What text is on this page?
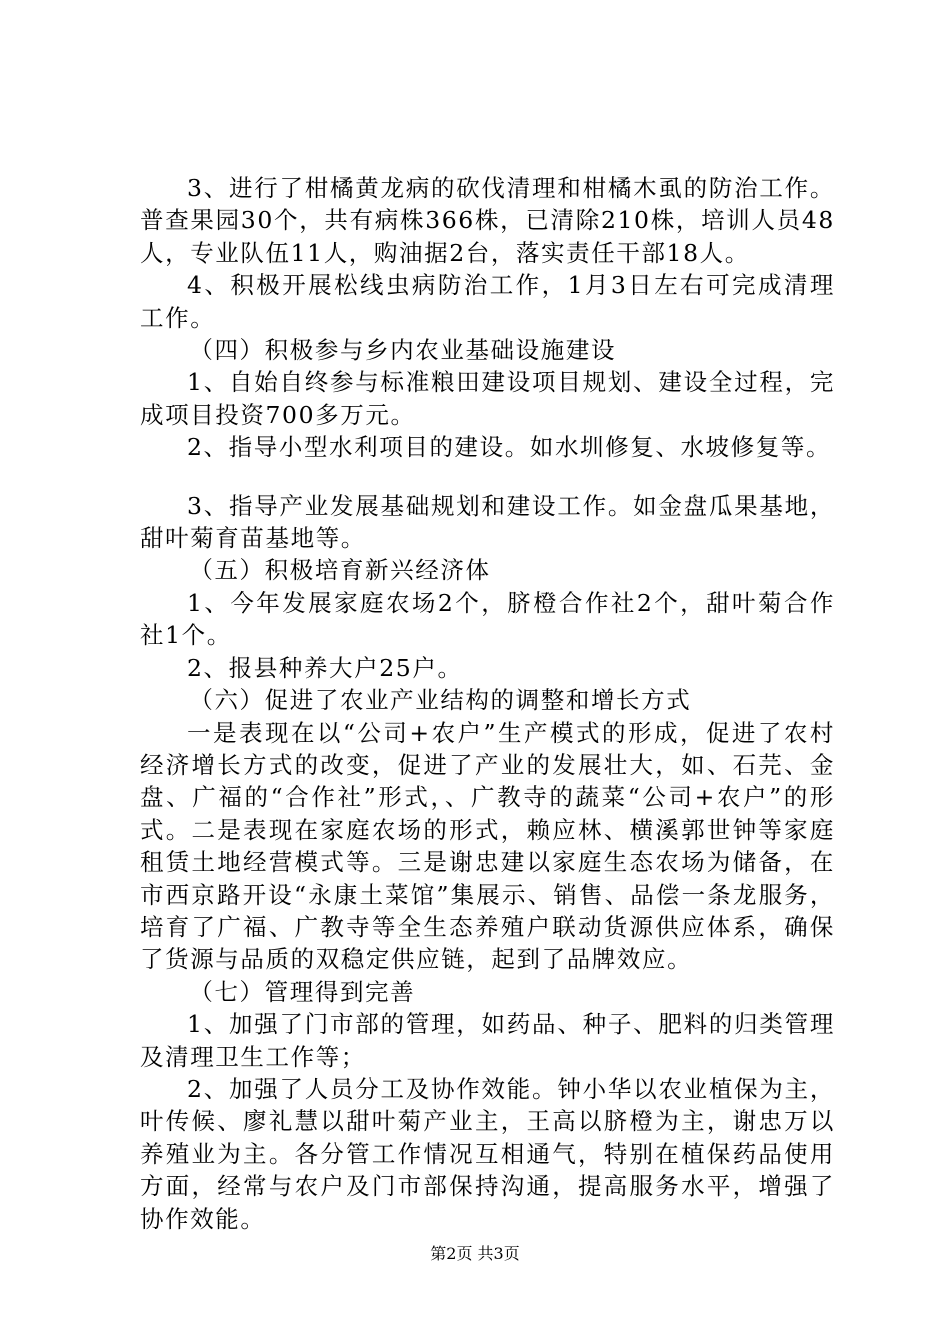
3、进行了柑橘黄龙病的砍伐清理和柑橘木虱的防治工作。普查果园30个，共有病株366株，已清除210株，培训人员48人，专业队伍11人，购油据2台，落实责任干部18人。

4、积极开展松线虫病防治工作，1月3日左右可完成清理工作。

（四）积极参与乡内农业基础设施建设

1、自始自终参与标准粮田建设项目规划、建设全过程，完成项目投资700多万元。

2、指导小型水利项目的建设。如水圳修复、水坡修复等。

3、指导产业发展基础规划和建设工作。如金盘瓜果基地，甜叶菊育苗基地等。

（五）积极培育新兴经济体

1、今年发展家庭农场2个，脐橙合作社2个，甜叶菊合作社1个。

2、报县种养大户25户。

（六）促进了农业产业结构的调整和增长方式

一是表现在以“公司+农户”生产模式的形成，促进了农村经济增长方式的改变，促进了产业的发展壮大，如、石芫、金盘、广福的“合作社”形式，、广教寺的蔬菜“公司+农户”的形式。二是表现在家庭农场的形式，赖应林、横溪郭世钟等家庭租赁土地经营模式等。三是谢忠建以家庭生态农场为储备，在市西京路开设“永康土菜馆”集展示、销售、品偿一条龙服务，培育了广福、广教寺等全生态养殖户联动货源供应体系，确保了货源与品质的双稳定供应链，起到了品牌效应。

（七）管理得到完善

1、加强了门市部的管理，如药品、种子、肥料的归类管理及清理卫生工作等；

2、加强了人员分工及协作效能。钟小华以农业植保为主，叶传候、廖礼慧以甜叶菊产业主，王高以脐橙为主，谢忠万以养殖业为主。各分管工作情况互相通气，特别在植保药品使用方面，经常与农户及门市部保持沟通，提高服务水平，增强了协作效能。

第2页 共3页
